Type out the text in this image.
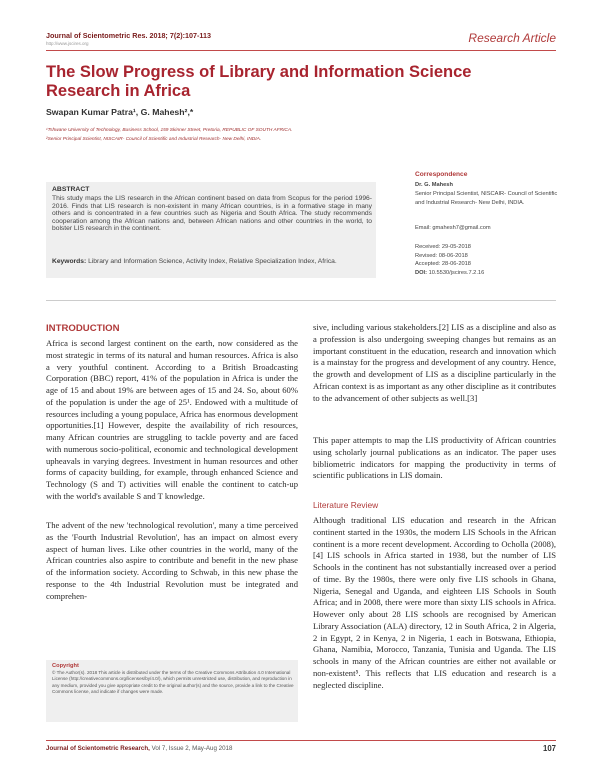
Journal of Scientometric Res. 2018; 7(2):107-113
http://www.jscires.org	Research Article
The Slow Progress of Library and Information Science Research in Africa
Swapan Kumar Patra¹, G. Mahesh²,*
¹Tshwane University of Technology, Business School, 159 Skinner Street, Pretoria, REPUBLIC OF SOUTH AFRICA.
²Senior Principal Scientist, NISCAIR- Council of Scientific and Industrial Research- New Delhi, INDIA.
ABSTRACT
This study maps the LIS research in the African continent based on data from Scopus for the period 1996-2016. Finds that LIS research is non-existent in many African countries, is in a formative stage in many others and is concentrated in a few countries such as Nigeria and South Africa. The study recommends cooperation among the African nations and, between African nations and other countries in the world, to bolster LIS research in the continent.
Keywords: Library and Information Science, Activity Index, Relative Specialization Index, Africa.
Correspondence
Dr. G. Mahesh
Senior Principal Scientist, NISCAIR- Council of Scientific and Industrial Research- New Delhi, INDIA.
Email: gmahesh7@gmail.com
Received: 29-05-2018
Revised: 08-06-2018
Accepted: 28-06-2018
DOI: 10.5530/jscires.7.2.16
INTRODUCTION
Africa is second largest continent on the earth, now considered as the most strategic in terms of its natural and human resources. Africa is also a very youthful continent. According to a British Broadcasting Corporation (BBC) report, 41% of the population in Africa is under the age of 15 and about 19% are between ages of 15 and 24. So, about 60% of the population is under the age of 25¹. Endowed with a multitude of resources including a young populace, Africa has enormous development opportunities.[1] However, despite the availability of rich resources, many African countries are struggling to tackle poverty and are faced with numerous socio-political, economic and technological development upheavals in varying degrees. Investment in human resources and other forms of capacity building, for example, through enhanced Science and Technology (S and T) activities will enable the continent to catch-up with the world's available S and T knowledge.
The advent of the new 'technological revolution', many a time perceived as the 'Fourth Industrial Revolution', has an impact on almost every aspect of human lives. Like other countries in the world, many of the African countries also aspire to contribute and benefit in the new phase of the information society. According to Schwab, in this new phase the response to the 4th Industrial Revolution must be integrated and comprehen-
sive, including various stakeholders.[2] LIS as a discipline and also as a profession is also undergoing sweeping changes but remains as an important constituent in the education, research and innovation which is a mainstay for the progress and development of any country. Hence, the growth and development of LIS as a discipline particularly in the African context is as important as any other discipline as it contributes to the advancement of other subjects as well.[3]
This paper attempts to map the LIS productivity of African countries using scholarly journal publications as an indicator. The paper uses bibliometric indicators for mapping the productivity in terms of scientific publications in LIS domain.
Literature Review
Although traditional LIS education and research in the African continent started in the 1930s, the modern LIS Schools in the African continent is a more recent development. According to Ocholla (2008),[4] LIS schools in Africa started in 1938, but the number of LIS Schools in the continent has not substantially increased over a period of time. By the 1980s, there were only five LIS schools in Ghana, Nigeria, Senegal and Uganda, and eighteen LIS Schools in South Africa; and in 2008, there were more than sixty LIS schools in Africa. However only about 28 LIS schools are recognised by American Library Association (ALA) directory, 12 in South Africa, 2 in Algeria, 2 in Egypt, 2 in Kenya, 2 in Nigeria, 1 each in Botswana, Ethiopia, Ghana, Namibia, Morocco, Tanzania, Tunisia and Uganda. The LIS schools in many of the African countries are either not available or non-existent⁵. This reflects that LIS education and research is a neglected discipline.
Copyright
© The Author(s). 2018 This article is distributed under the terms of the Creative Commons Attribution 4.0 International License (http://creativecommons.org/licenses/by/4.0/), which permits unrestricted use, distribution, and reproduction in any medium, provided you give appropriate credit to the original author(s) and the source, provide a link to the Creative Commons license, and indicate if changes were made.
Journal of Scientometric Research, Vol 7, Issue 2, May-Aug 2018	107
